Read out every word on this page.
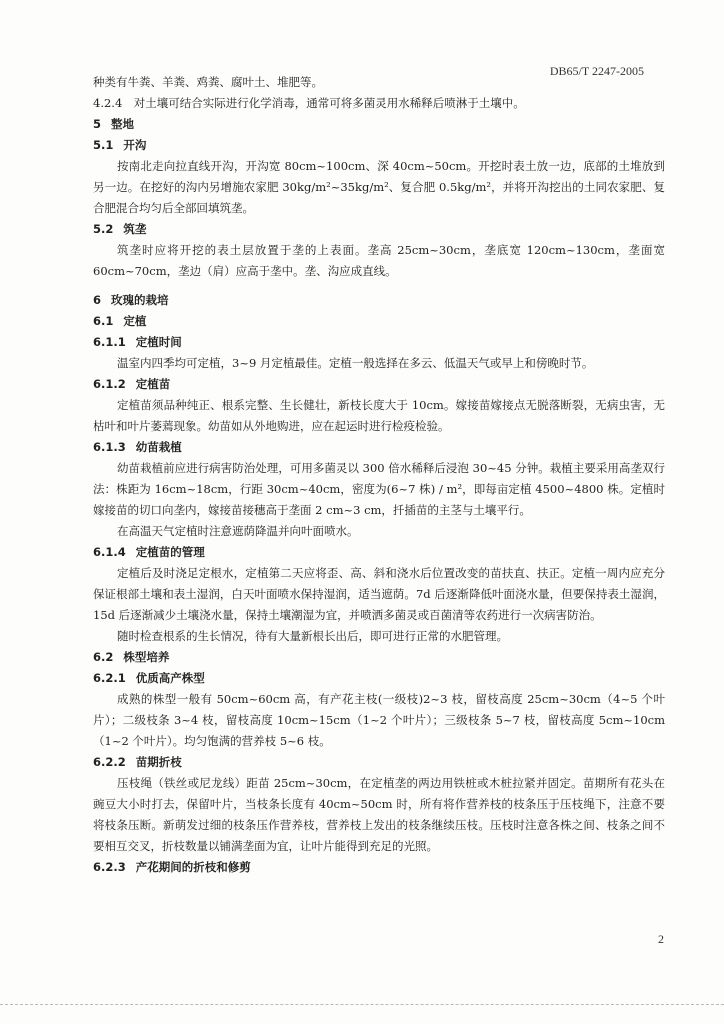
DB65/T 2247-2005

种类有牛粪、羊粪、鸡粪、腐叶土、堆肥等。

4.2.4　对土壤可结合实际进行化学消毒，通常可将多菌灵用水稀释后喷淋于土壤中。

5 整地

5.1 开沟

按南北走向拉直线开沟，开沟宽 80cm~100cm、深 40cm~50cm。开挖时表土放一边，底部的土堆放到另一边。在挖好的沟内另增施农家肥 30kg/m²~35kg/m²、复合肥 0.5kg/m²，并将开沟挖出的土同农家肥、复合肥混合均匀后全部回填筑垄。

5.2 筑垄

筑垄时应将开挖的表土层放置于垄的上表面。垄高 25cm~30cm，垄底宽 120cm~130cm，垄面宽 60cm~70cm，垄边（肩）应高于垄中。垄、沟应成直线。

6 玫瑰的栽培

6.1 定植

6.1.1 定植时间

温室内四季均可定植，3~9 月定植最佳。定植一般选择在多云、低温天气或早上和傍晚时节。

6.1.2 定植苗

定植苗须品种纯正、根系完整、生长健壮，新枝长度大于 10cm。嫁接苗嫁接点无脱落断裂，无病虫害，无枯叶和叶片萎蔫现象。幼苗如从外地购进，应在起运时进行检疫检验。

6.1.3 幼苗栽植

幼苗栽植前应进行病害防治处理，可用多菌灵以 300 倍水稀释后浸泡 30~45 分钟。栽植主要采用高垄双行法：株距为 16cm~18cm，行距 30cm~40cm，密度为(6~7 株) / m²，即每亩定植 4500~4800 株。定植时嫁接苗的切口向垄内，嫁接苗接穗高于垄面 2 cm~3 cm，扦插苗的主茎与土壤平行。

在高温天气定植时注意遮荫降温并向叶面喷水。

6.1.4 定植苗的管理

定植后及时浇足定根水，定植第二天应将歪、高、斜和浇水后位置改变的苗扶直、扶正。定植一周内应充分保证根部土壤和表土湿润，白天叶面喷水保持湿润，适当遮荫。7d 后逐渐降低叶面浇水量，但要保持表土湿润，15d 后逐渐减少土壤浇水量，保持土壤潮湿为宜，并喷洒多菌灵或百菌清等农药进行一次病害防治。

随时检查根系的生长情况，待有大量新根长出后，即可进行正常的水肥管理。

6.2 株型培养

6.2.1 优质高产株型

成熟的株型一般有 50cm~60cm 高，有产花主枝(一级枝)2~3 枝，留枝高度 25cm~30cm（4~5 个叶片）；二级枝条 3~4 枝，留枝高度 10cm~15cm（1~2 个叶片）；三级枝条 5~7 枝，留枝高度 5cm~10cm（1~2 个叶片）。均匀饱满的营养枝 5~6 枝。

6.2.2 苗期折枝

压枝绳（铁丝或尼龙线）距苗 25cm~30cm，在定植垄的两边用铁桩或木桩拉紧并固定。苗期所有花头在豌豆大小时打去，保留叶片，当枝条长度有 40cm~50cm 时，所有将作营养枝的枝条压于压枝绳下，注意不要将枝条压断。新萌发过细的枝条压作营养枝，营养枝上发出的枝条继续压枝。压枝时注意各株之间、枝条之间不要相互交叉，折枝数量以铺满垄面为宜，让叶片能得到充足的光照。

6.2.3 产花期间的折枝和修剪

2
